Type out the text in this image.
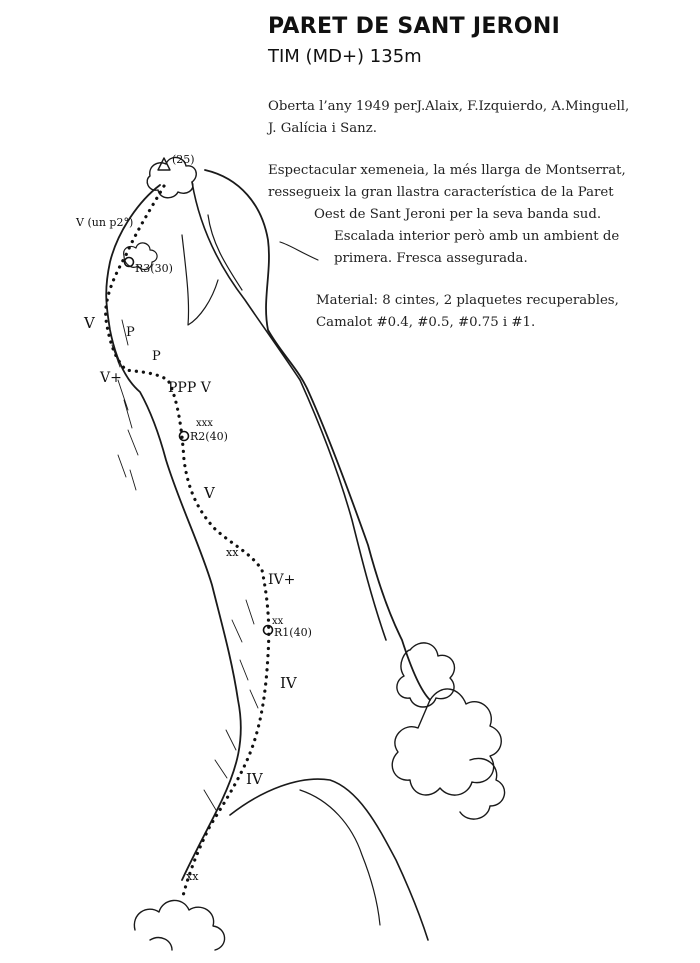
(25)
V (un p2°)
R3(30)
V
P
P
V+
PPP V
xxx
R2(40)
V
xx
IV+
xx
R1(40)
IV
IV
xx
PARET DE SANT JERONI
TIM (MD+) 135m
Oberta l’any 1949 perJ.Alaix, F.Izquierdo, A.Minguell,
J. Galícia i Sanz.
Espectacular xemeneia, la més llarga de Montserrat,
ressegueix la gran llastra característica de la Paret
Oest de Sant Jeroni per la seva banda sud.
Escalada interior però amb un ambient de
primera. Fresca assegurada.
Material: 8 cintes, 2 plaquetes recuperables,
Camalot #0.4, #0.5, #0.75 i #1.
